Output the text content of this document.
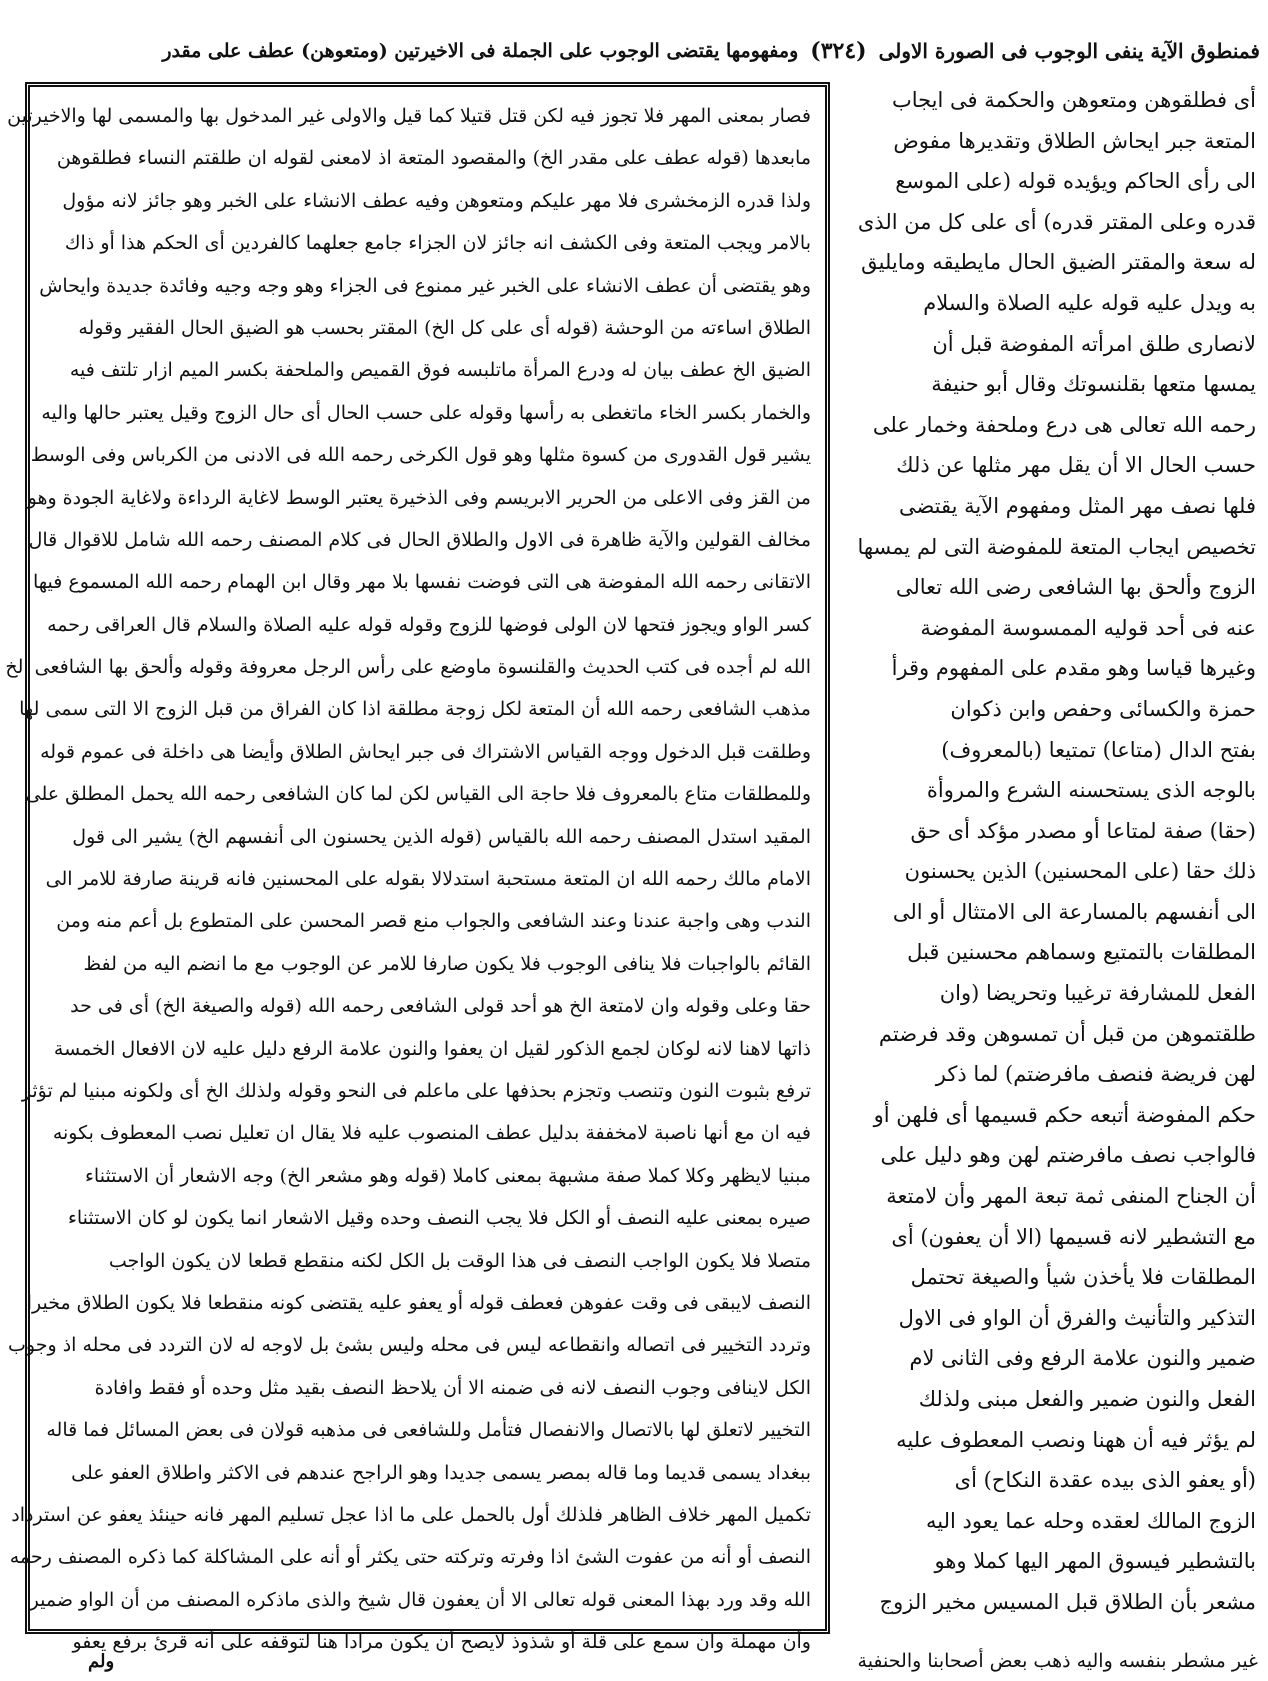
فمنطوق الآية ينفى الوجوب فى الصورة الاولى
(٣٢٤)
ومفهومها يقتضى الوجوب على الجملة فى الاخيرتين (ومتعوهن) عطف على مقدر
أى فطلقوهن ومتعوهن والحكمة فى ايجاب
المتعة جبر ايحاش الطلاق وتقديرها مفوض
الى رأى الحاكم ويؤيده قوله (على الموسع
قدره وعلى المقتر قدره) أى على كل من الذى
له سعة والمقتر الضيق الحال مايطيقه ومايليق
به ويدل عليه قوله عليه الصلاة والسلام
لانصارى طلق امرأته المفوضة قبل أن
يمسها متعها بقلنسوتك وقال أبو حنيفة
رحمه الله تعالى هى درع وملحفة وخمار على
حسب الحال الا أن يقل مهر مثلها عن ذلك
فلها نصف مهر المثل ومفهوم الآية يقتضى
تخصيص ايجاب المتعة للمفوضة التى لم يمسها
الزوج وألحق بها الشافعى رضى الله تعالى
عنه فى أحد قوليه الممسوسة المفوضة
وغيرها قياسا وهو مقدم على المفهوم وقرأ
حمزة والكسائى وحفص وابن ذكوان
بفتح الدال (متاعا) تمتيعا (بالمعروف)
بالوجه الذى يستحسنه الشرع والمروأة
(حقا) صفة لمتاعا أو مصدر مؤكد أى حق
ذلك حقا (على المحسنين) الذين يحسنون
الى أنفسهم بالمسارعة الى الامتثال أو الى
المطلقات بالتمتيع وسماهم محسنين قبل
الفعل للمشارفة ترغيبا وتحريضا (وان
طلقتموهن من قبل أن تمسوهن وقد فرضتم
لهن فريضة فنصف مافرضتم) لما ذكر
حكم المفوضة أتبعه حكم قسيمها أى فلهن أو
فالواجب نصف مافرضتم لهن وهو دليل على
أن الجناح المنفى ثمة تبعة المهر وأن لامتعة
مع التشطير لانه قسيمها (الا أن يعفون) أى
المطلقات فلا يأخذن شيأ والصيغة تحتمل
التذكير والتأنيث والفرق أن الواو فى الاول
ضمير والنون علامة الرفع وفى الثانى لام
الفعل والنون ضمير والفعل مبنى ولذلك
لم يؤثر فيه أن ههنا ونصب المعطوف عليه
(أو يعفو الذى بيده عقدة النكاح) أى
الزوج المالك لعقده وحله عما يعود اليه
بالتشطير فيسوق المهر اليها كملا وهو
مشعر بأن الطلاق قبل المسيس مخير الزوج
فصار بمعنى المهر فلا تجوز فيه لكن قتل قتيلا كما قيل والاولى غير المدخول بها والمسمى لها والاخيرتين
مابعدها (قوله عطف على مقدر الخ) والمقصود المتعة اذ لامعنى لقوله ان طلقتم النساء فطلقوهن
ولذا قدره الزمخشرى فلا مهر عليكم ومتعوهن وفيه عطف الانشاء على الخبر وهو جائز لانه مؤول
بالامر ويجب المتعة وفى الكشف انه جائز لان الجزاء جامع جعلهما كالفردين أى الحكم هذا أو ذاك
وهو يقتضى أن عطف الانشاء على الخبر غير ممنوع فى الجزاء وهو وجه وجيه وفائدة جديدة وايحاش
الطلاق اساءته من الوحشة (قوله أى على كل الخ) المقتر بحسب هو الضيق الحال الفقير وقوله
الضيق الخ عطف بيان له ودرع المرأة ماتلبسه فوق القميص والملحفة بكسر الميم ازار تلتف فيه
والخمار بكسر الخاء ماتغطى به رأسها وقوله على حسب الحال أى حال الزوج وقيل يعتبر حالها واليه
يشير قول القدورى من كسوة مثلها وهو قول الكرخى رحمه الله فى الادنى من الكرباس وفى الوسط
من القز وفى الاعلى من الحرير الابريسم وفى الذخيرة يعتبر الوسط لاغاية الرداءة ولاغاية الجودة وهو
مخالف القولين والآية ظاهرة فى الاول والطلاق الحال فى كلام المصنف رحمه الله شامل للاقوال قال
الاتقانى رحمه الله المفوضة هى التى فوضت نفسها بلا مهر وقال ابن الهمام رحمه الله المسموع فيها
كسر الواو ويجوز فتحها لان الولى فوضها للزوج وقوله قوله عليه الصلاة والسلام قال العراقى رحمه
الله لم أجده فى كتب الحديث والقلنسوة ماوضع على رأس الرجل معروفة وقوله وألحق بها الشافعى الخ
مذهب الشافعى رحمه الله أن المتعة لكل زوجة مطلقة اذا كان الفراق من قبل الزوج الا التى سمى لها
وطلقت قبل الدخول ووجه القياس الاشتراك فى جبر ايحاش الطلاق وأيضا هى داخلة فى عموم قوله
وللمطلقات متاع بالمعروف فلا حاجة الى القياس لكن لما كان الشافعى رحمه الله يحمل المطلق على
المقيد استدل المصنف رحمه الله بالقياس (قوله الذين يحسنون الى أنفسهم الخ) يشير الى قول
الامام مالك رحمه الله ان المتعة مستحبة استدلالا بقوله على المحسنين فانه قرينة صارفة للامر الى
الندب وهى واجبة عندنا وعند الشافعى والجواب منع قصر المحسن على المتطوع بل أعم منه ومن
القائم بالواجبات فلا ينافى الوجوب فلا يكون صارفا للامر عن الوجوب مع ما انضم اليه من لفظ
حقا وعلى وقوله وان لامتعة الخ هو أحد قولى الشافعى رحمه الله (قوله والصيغة الخ) أى فى حد
ذاتها لاهنا لانه لوكان لجمع الذكور لقيل ان يعفوا والنون علامة الرفع دليل عليه لان الافعال الخمسة
ترفع بثبوت النون وتنصب وتجزم بحذفها على ماعلم فى النحو وقوله ولذلك الخ أى ولكونه مبنيا لم تؤثر
فيه ان مع أنها ناصبة لامخففة بدليل عطف المنصوب عليه فلا يقال ان تعليل نصب المعطوف بكونه
مبنيا لايظهر وكلا كملا صفة مشبهة بمعنى كاملا (قوله وهو مشعر الخ) وجه الاشعار أن الاستثناء
صيره بمعنى عليه النصف أو الكل فلا يجب النصف وحده وقيل الاشعار انما يكون لو كان الاستثناء
متصلا فلا يكون الواجب النصف فى هذا الوقت بل الكل لكنه منقطع قطعا لان يكون الواجب
النصف لايبقى فى وقت عفوهن فعطف قوله أو يعفو عليه يقتضى كونه منقطعا فلا يكون الطلاق مخيرا
وتردد التخيير فى اتصاله وانقطاعه ليس فى محله وليس بشئ بل لاوجه له لان التردد فى محله اذ وجوب
الكل لاينافى وجوب النصف لانه فى ضمنه الا أن يلاحظ النصف بقيد مثل وحده أو فقط وافادة
التخيير لاتعلق لها بالاتصال والانفصال فتأمل وللشافعى فى مذهبه قولان فى بعض المسائل فما قاله
ببغداد يسمى قديما وما قاله بمصر يسمى جديدا وهو الراجح عندهم فى الاكثر واطلاق العفو على
تكميل المهر خلاف الظاهر فلذلك أول بالحمل على ما اذا عجل تسليم المهر فانه حينئذ يعفو عن استرداد
النصف أو أنه من عفوت الشئ اذا وفرته وتركته حتى يكثر أو أنه على المشاكلة كما ذكره المصنف رحمه
الله وقد ورد بهذا المعنى قوله تعالى الا أن يعفون قال شيخ والذى ماذكره المصنف من أن الواو ضمير
وأن مهملة وان سمع على قلة أو شذوذ لايصح أن يكون مرادا هنا لتوقفه على أنه قرئ برفع يعفو
غير مشطر بنفسه واليه ذهب بعض أصحابنا والحنفية
ولم
